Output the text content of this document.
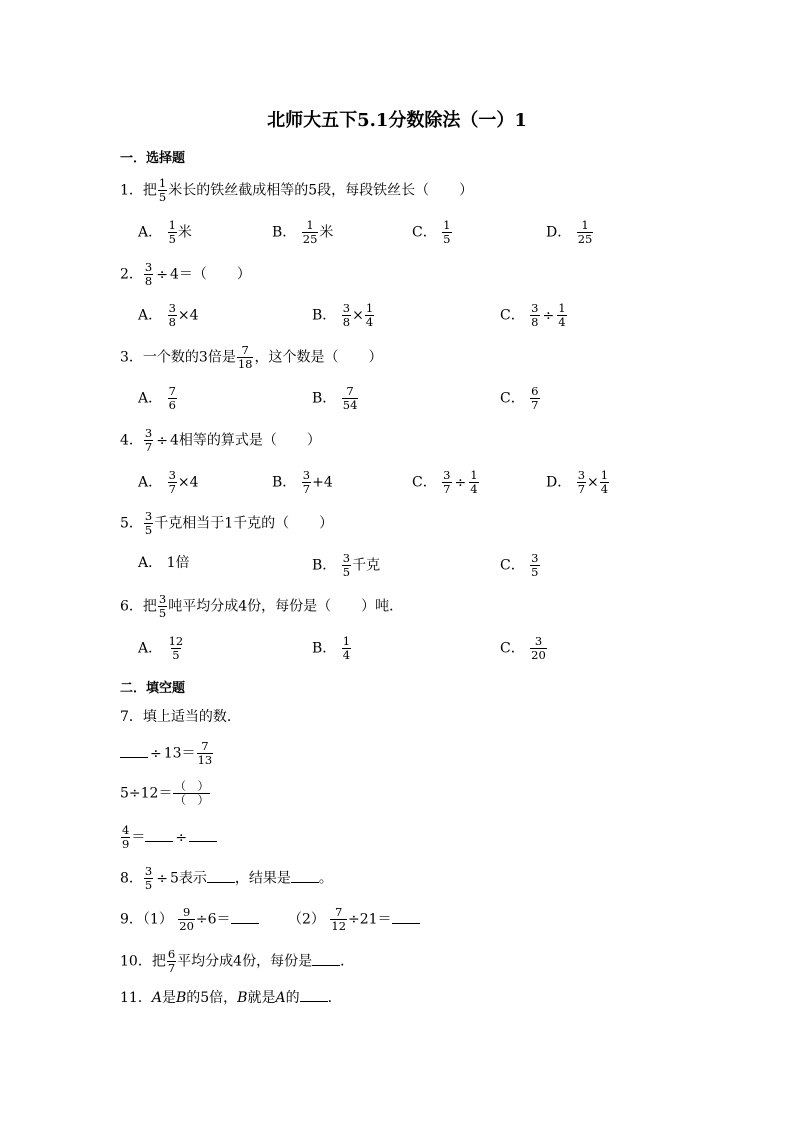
北师大五下5.1分数除法（一）1
一．选择题
1．把 $\frac{1}{5}$ 米长的铁丝截成相等的5段，每段铁丝长（ ）
A． $\frac{1}{5}$ 米	B． $\frac{1}{25}$ 米	C． $\frac{1}{5}$	D． $\frac{1}{25}$
2． $\frac{3}{8} \div 4=$（ ）
A． $\frac{3}{8} \times 4$	B． $\frac{3}{8} \times \frac{1}{4}$	C． $\frac{3}{8} \div \frac{1}{4}$
3．一个数的3倍是 $\frac{7}{18}$ ，这个数是（ ）
A． $\frac{7}{6}$	B． $\frac{7}{54}$	C． $\frac{6}{7}$
4． $\frac{3}{7} \div 4$相等的算式是（ ）
A． $\frac{3}{7} \times 4$	B． $\frac{3}{7} +4$	C． $\frac{3}{7} \div \frac{1}{4}$	D． $\frac{3}{7} \times \frac{1}{4}$
5． $\frac{3}{5}$ 千克相当于1千克的（ ）
A． 1倍	B． $\frac{3}{5}$ 千克	C． $\frac{3}{5}$
6．把 $\frac{3}{5}$ 吨平均分成4份，每份是（ ）吨．
A． $\frac{12}{5}$	B． $\frac{1}{4}$	C． $\frac{3}{20}$
二．填空题
7．填上适当的数．
÷ $13= \frac{7}{13}$
$5\div 12= \frac{( )}{( )}$
$\frac{4}{9}$ ＝ ÷
8． $\frac{3}{5} \div 5$表示 ，结果是 。
9．$(1) \frac{9}{20} \div 6=$	$(2) \frac{7}{12} \div 21=$
10．把 $\frac{6}{7}$ 平均分成4份，每份是 ．
11．A是B的5倍，B就是A的 ．
